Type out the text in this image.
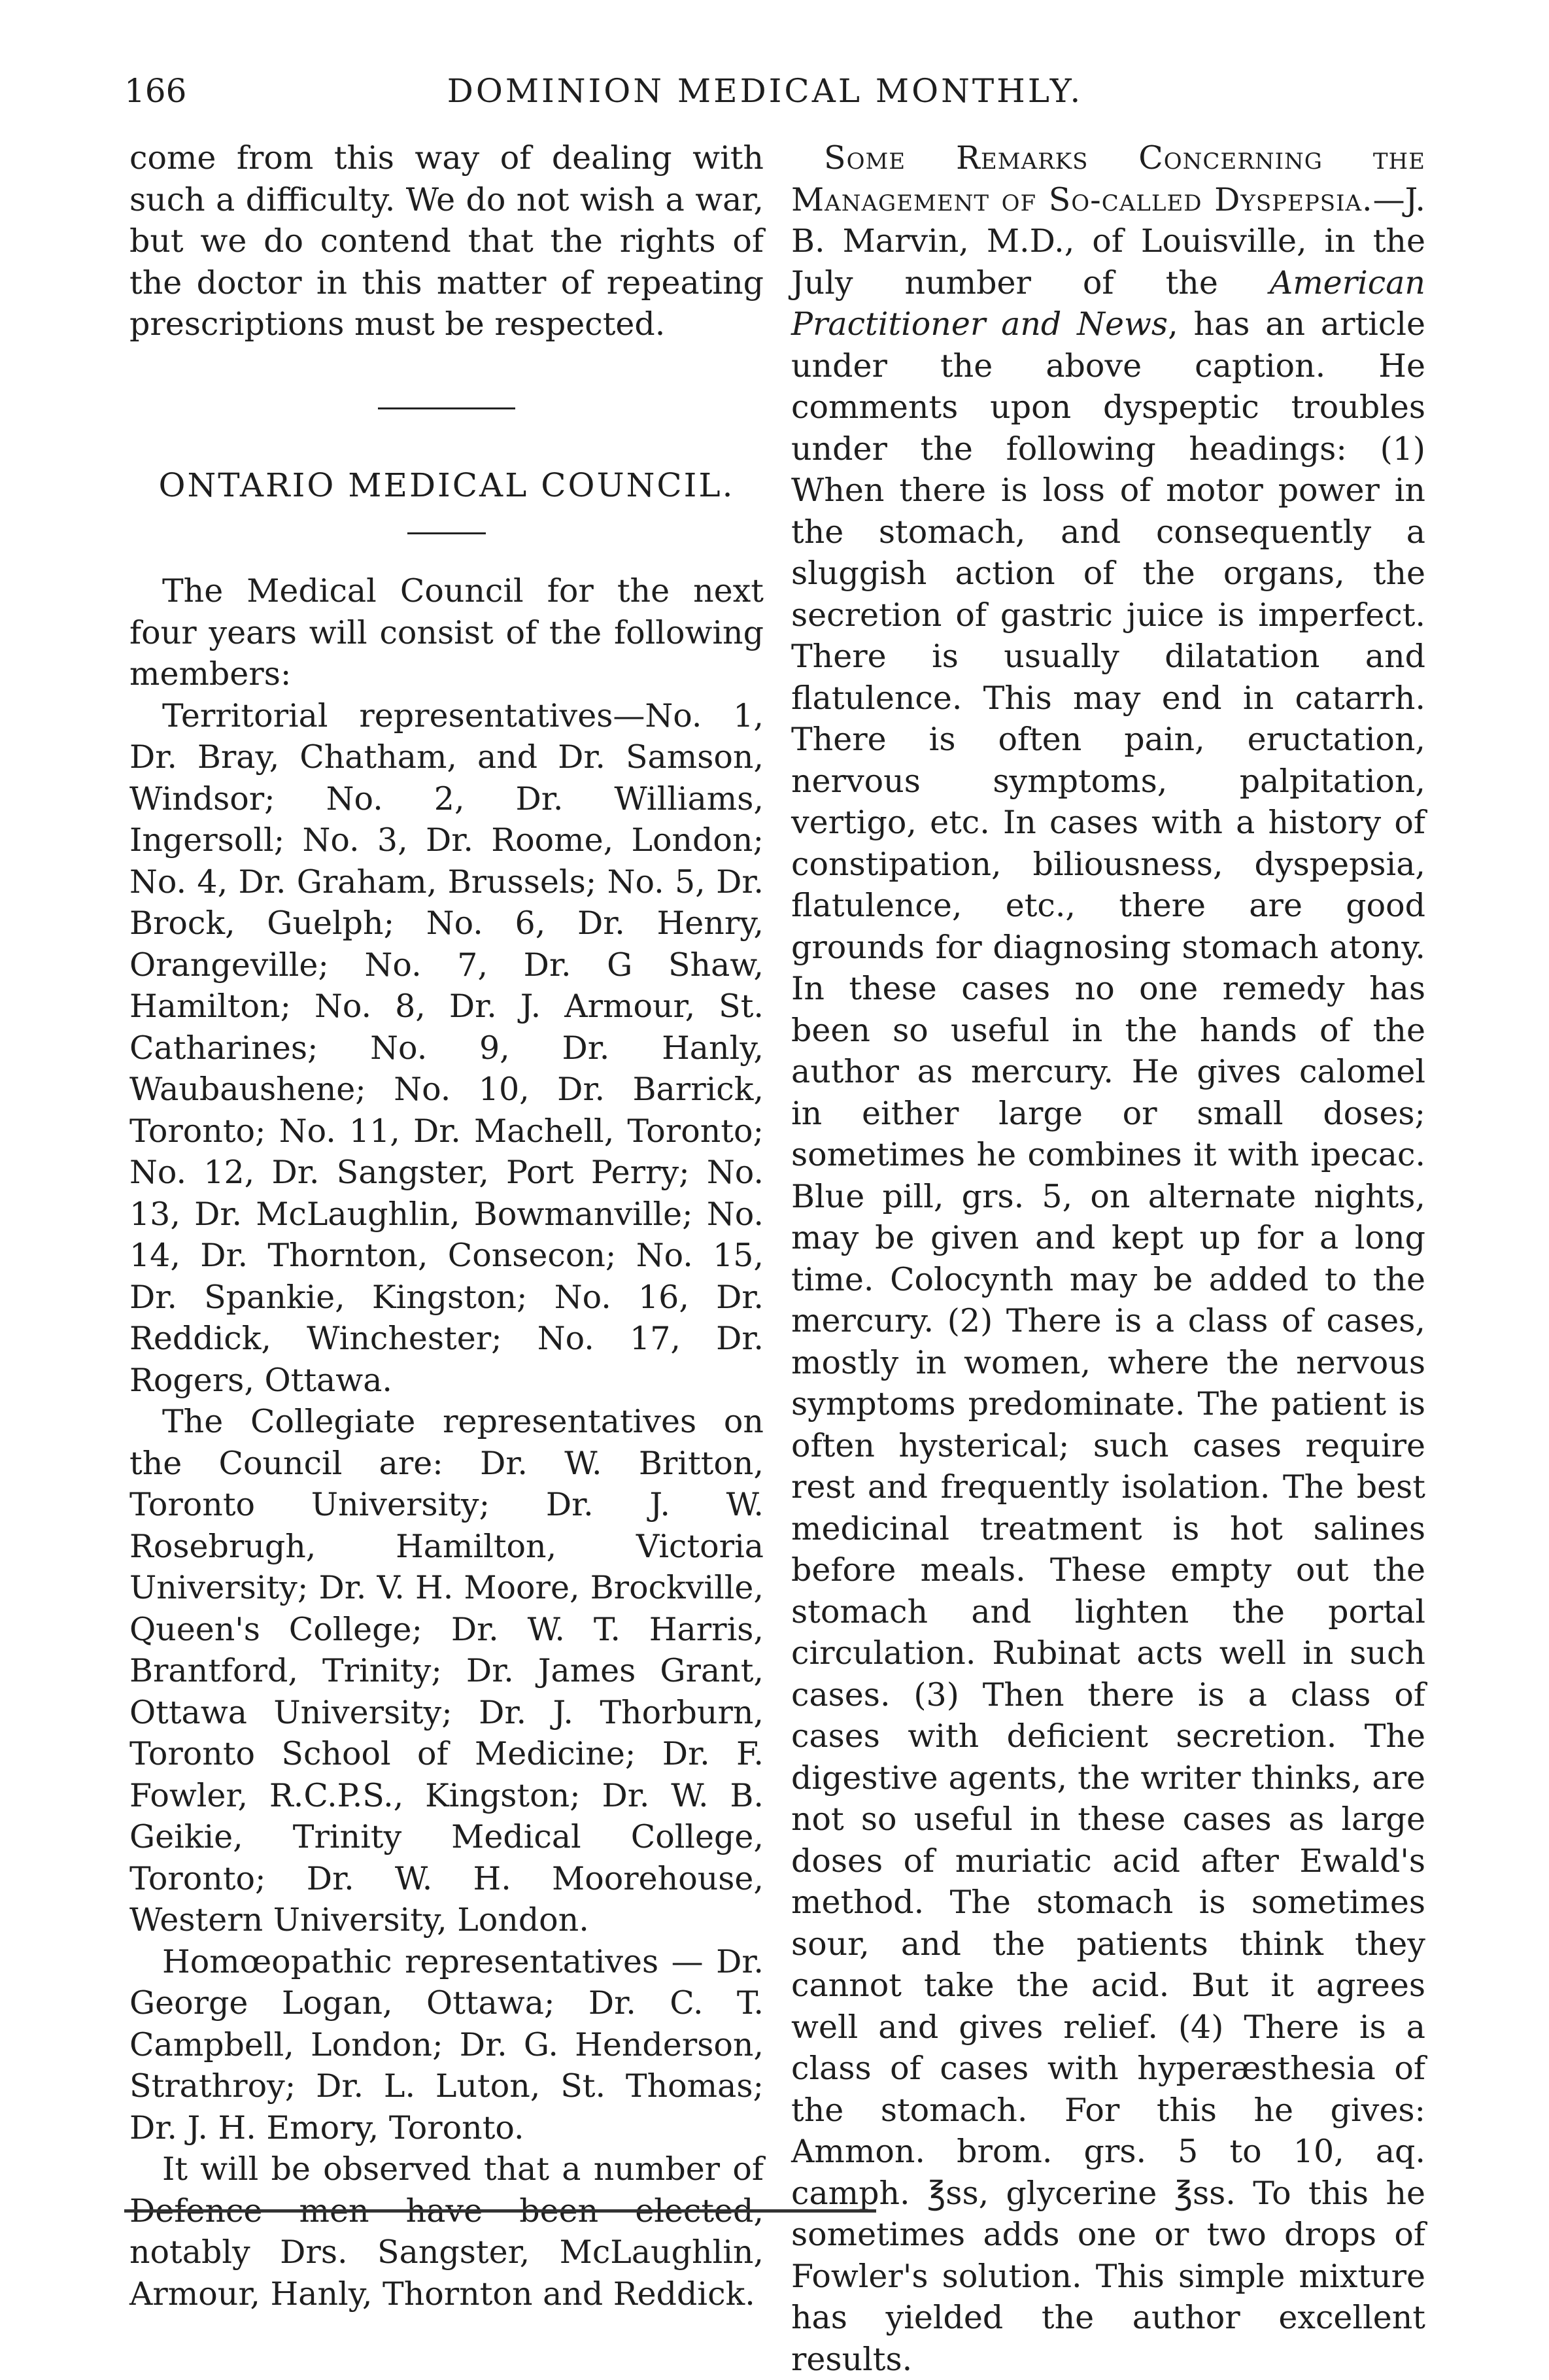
166	DOMINION MEDICAL MONTHLY.

come from this way of dealing with such a difficulty. We do not wish a war, but we do contend that the rights of the doctor in this matter of repeating prescriptions must be respected.

ONTARIO MEDICAL COUNCIL.

The Medical Council for the next four years will consist of the following members:

Territorial representatives—No. 1, Dr. Bray, Chatham, and Dr. Samson, Windsor; No. 2, Dr. Williams, Ingersoll; No. 3, Dr. Roome, London; No. 4, Dr. Graham, Brussels; No. 5, Dr. Brock, Guelph; No. 6, Dr. Henry, Orangeville; No. 7, Dr. G Shaw, Hamilton; No. 8, Dr. J. Armour, St. Catharines; No. 9, Dr. Hanly, Waubaushene; No. 10, Dr. Barrick, Toronto; No. 11, Dr. Machell, Toronto; No. 12, Dr. Sangster, Port Perry; No. 13, Dr. McLaughlin, Bowmanville; No. 14, Dr. Thornton, Consecon; No. 15, Dr. Spankie, Kingston; No. 16, Dr. Reddick, Winchester; No. 17, Dr. Rogers, Ottawa.

The Collegiate representatives on the Council are: Dr. W. Britton, Toronto University; Dr. J. W. Rosebrugh, Hamilton, Victoria University; Dr. V. H. Moore, Brockville, Queen's College; Dr. W. T. Harris, Brantford, Trinity; Dr. James Grant, Ottawa University; Dr. J. Thorburn, Toronto School of Medicine; Dr. F. Fowler, R.C.P.S., Kingston; Dr. W. B. Geikie, Trinity Medical College, Toronto; Dr. W. H. Moorehouse, Western University, London.

Homœopathic representatives — Dr. George Logan, Ottawa; Dr. C. T. Campbell, London; Dr. G. Henderson, Strathroy; Dr. L. Luton, St. Thomas; Dr. J. H. Emory, Toronto.

It will be observed that a number of Defence men have been elected, notably Drs. Sangster, McLaughlin, Armour, Hanly, Thornton and Reddick.

Some Remarks Concerning the Management of So-called Dyspepsia.—J. B. Marvin, M.D., of Louisville, in the July number of the American Practitioner and News, has an article under the above caption. He comments upon dyspeptic troubles under the following headings: (1) When there is loss of motor power in the stomach, and consequently a sluggish action of the organs, the secretion of gastric juice is imperfect. There is usually dilatation and flatulence. This may end in catarrh. There is often pain, eructation, nervous symptoms, palpitation, vertigo, etc. In cases with a history of constipation, biliousness, dyspepsia, flatulence, etc., there are good grounds for diagnosing stomach atony. In these cases no one remedy has been so useful in the hands of the author as mercury. He gives calomel in either large or small doses; sometimes he combines it with ipecac. Blue pill, grs. 5, on alternate nights, may be given and kept up for a long time. Colocynth may be added to the mercury. (2) There is a class of cases, mostly in women, where the nervous symptoms predominate. The patient is often hysterical; such cases require rest and frequently isolation. The best medicinal treatment is hot salines before meals. These empty out the stomach and lighten the portal circulation. Rubinat acts well in such cases. (3) Then there is a class of cases with deficient secretion. The digestive agents, the writer thinks, are not so useful in these cases as large doses of muriatic acid after Ewald's method. The stomach is sometimes sour, and the patients think they cannot take the acid. But it agrees well and gives relief. (4) There is a class of cases with hyperæsthesia of the stomach. For this he gives: Ammon. brom. grs. 5 to 10, aq. camph. ℥ss, glycerine ℥ss. To this he sometimes adds one or two drops of Fowler's solution. This simple mixture has yielded the author excellent results.
